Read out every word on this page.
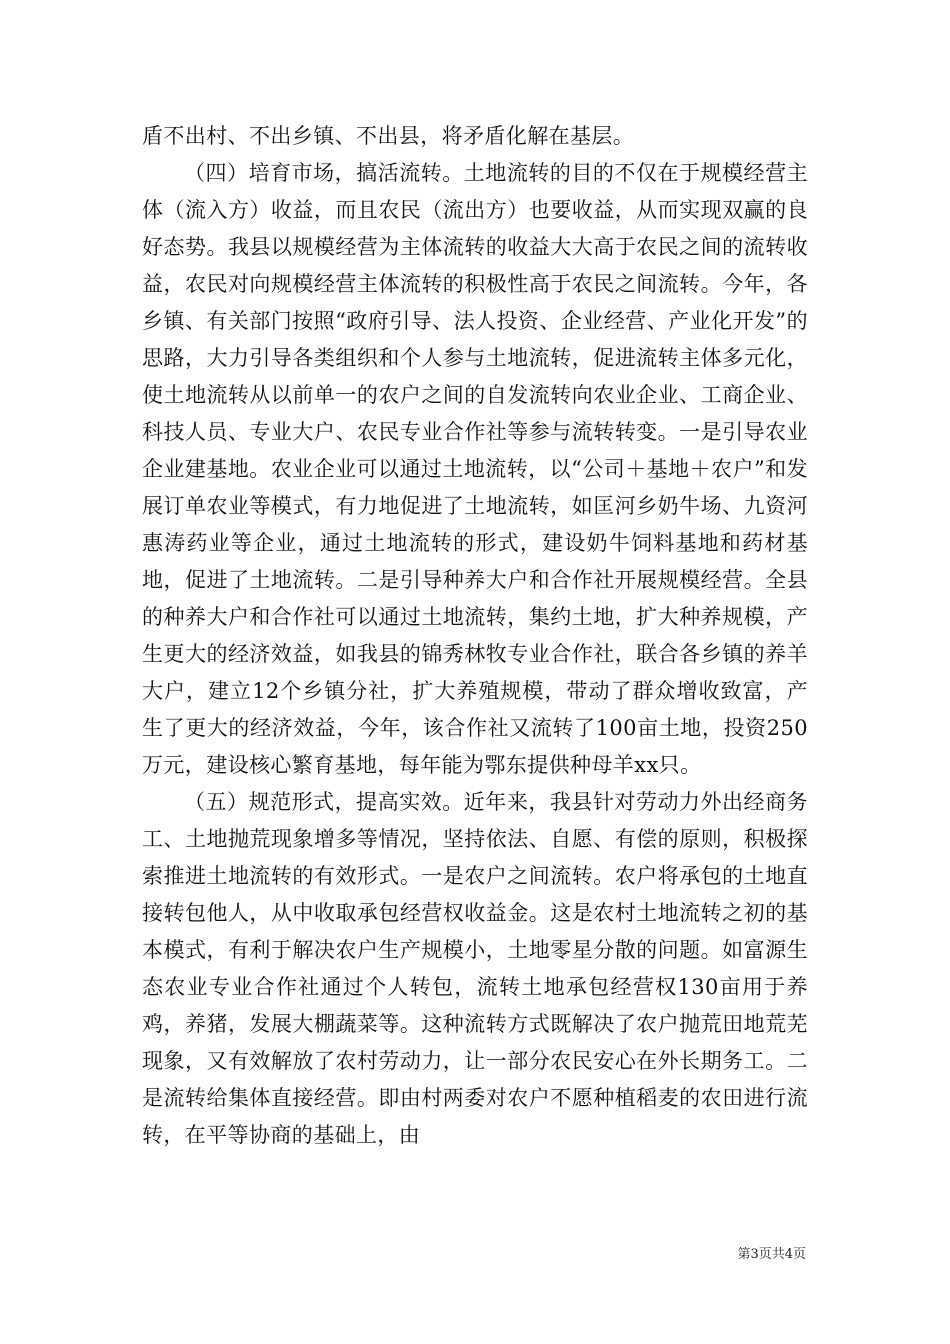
盾不出村、不出乡镇、不出县，将矛盾化解在基层。

（四）培育市场，搞活流转。土地流转的目的不仅在于规模经营主体（流入方）收益，而且农民（流出方）也要收益，从而实现双赢的良好态势。我县以规模经营为主体流转的收益大大高于农民之间的流转收益，农民对向规模经营主体流转的积极性高于农民之间流转。今年，各乡镇、有关部门按照“政府引导、法人投资、企业经营、产业化开发”的思路，大力引导各类组织和个人参与土地流转，促进流转主体多元化，使土地流转从以前单一的农户之间的自发流转向农业企业、工商企业、科技人员、专业大户、农民专业合作社等参与流转转变。一是引导农业企业建基地。农业企业可以通过土地流转，以“公司＋基地＋农户”和发展订单农业等模式，有力地促进了土地流转，如匡河乡奶牛场、九资河惠涛药业等企业，通过土地流转的形式，建设奶牛饲料基地和药材基地，促进了土地流转。二是引导种养大户和合作社开展规模经营。全县的种养大户和合作社可以通过土地流转，集约土地，扩大种养规模，产生更大的经济效益，如我县的锦秀林牧专业合作社，联合各乡镇的养羊大户，建立12个乡镇分社，扩大养殖规模，带动了群众增收致富，产生了更大的经济效益，今年，该合作社又流转了100亩土地，投资250万元，建设核心繁育基地，每年能为鄂东提供种母羊xx只。

（五）规范形式，提高实效。近年来，我县针对劳动力外出经商务工、土地抛荒现象增多等情况，坚持依法、自愿、有偿的原则，积极探索推进土地流转的有效形式。一是农户之间流转。农户将承包的土地直接转包他人，从中收取承包经营权收益金。这是农村土地流转之初的基本模式，有利于解决农户生产规模小，土地零星分散的问题。如富源生态农业专业合作社通过个人转包，流转土地承包经营权130亩用于养鸡，养猪，发展大棚蔬菜等。这种流转方式既解决了农户抛荒田地荒芜现象，又有效解放了农村劳动力，让一部分农民安心在外长期务工。二是流转给集体直接经营。即由村两委对农户不愿种植稻麦的农田进行流转，在平等协商的基础上，由

第3页共4页
